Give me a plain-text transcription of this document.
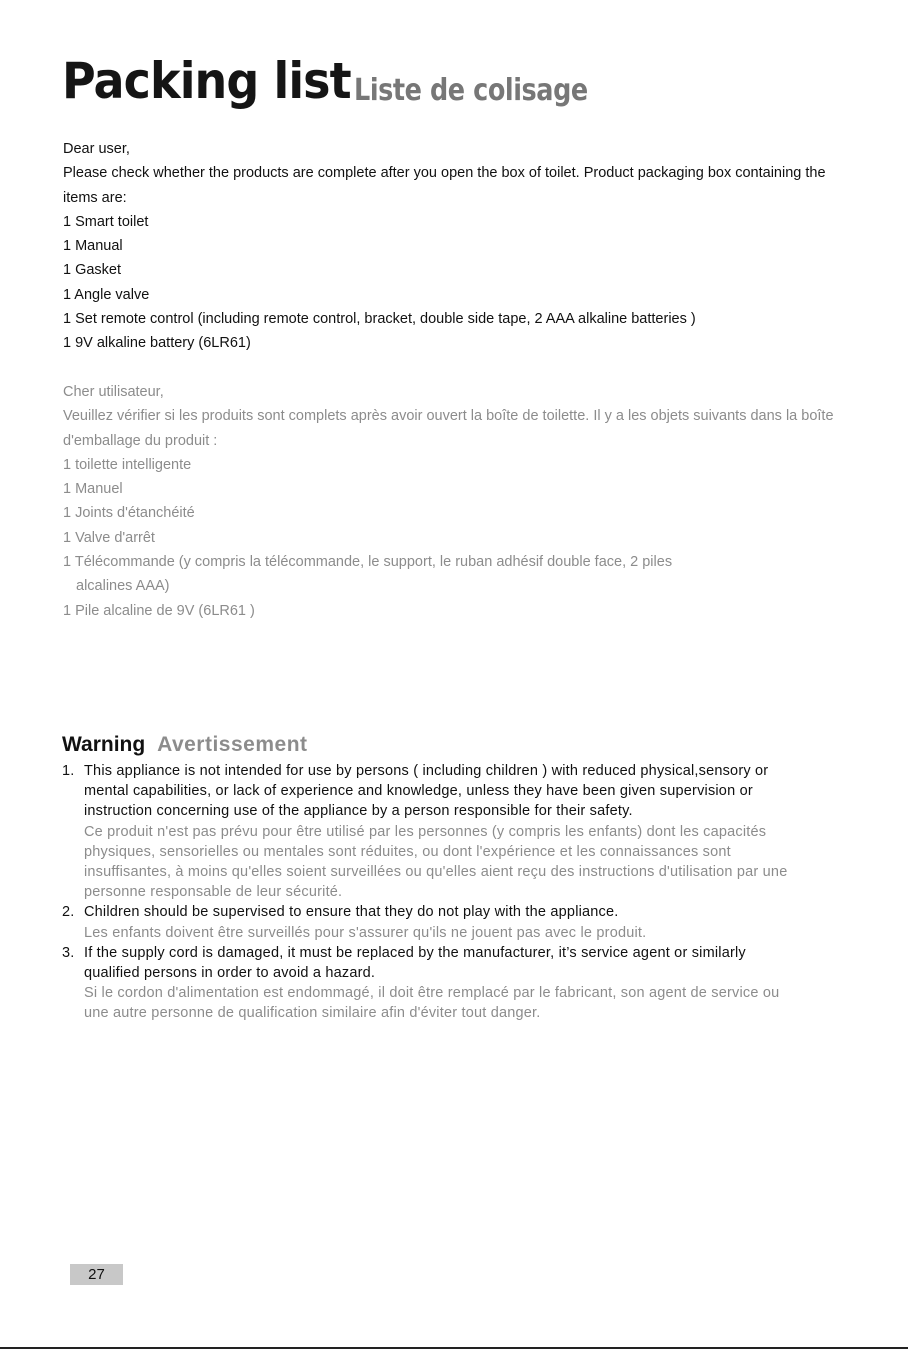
Packing list Liste de colisage
Dear user,
Please check whether the products are complete after you open the box of toilet. Product packaging box containing the
items are:
1 Smart toilet
1 Manual
1 Gasket
1 Angle valve
1 Set remote control (including remote control, bracket, double side tape, 2 AAA alkaline batteries )
1 9V alkaline battery (6LR61)
Cher utilisateur,
Veuillez vérifier si les produits sont complets après avoir ouvert la boîte de toilette. Il y a les objets suivants dans la boîte
d'emballage du produit :
1 toilette intelligente
1 Manuel
1 Joints d'étanchéité
1 Valve d'arrêt
1 Télécommande (y compris la télécommande, le support, le ruban adhésif double face, 2 piles
alcalines AAA)
1 Pile alcaline de 9V (6LR61 )
Warning Avertissement
1. This appliance is not intended for use by persons ( including children ) with reduced physical,sensory or
mental capabilities, or lack of experience and knowledge, unless they have been given supervision or
instruction concerning use of the appliance by a person responsible for their safety.
Ce produit n'est pas prévu pour être utilisé par les personnes (y compris les enfants) dont les capacités
physiques, sensorielles ou mentales sont réduites, ou dont l'expérience et les connaissances sont
insuffisantes, à moins qu'elles soient surveillées ou qu'elles aient reçu des instructions d'utilisation par une
personne responsable de leur sécurité.
2. Children should be supervised to ensure that they do not play with the appliance.
Les enfants doivent être surveillés pour s'assurer qu'ils ne jouent pas avec le produit.
3. If the supply cord is damaged, it must be replaced by the manufacturer, it’s service agent or similarly
qualified persons in order to avoid a hazard.
Si le cordon d'alimentation est endommagé, il doit être remplacé par le fabricant, son agent de service ou
une autre personne de qualification similaire afin d'éviter tout danger.
27
